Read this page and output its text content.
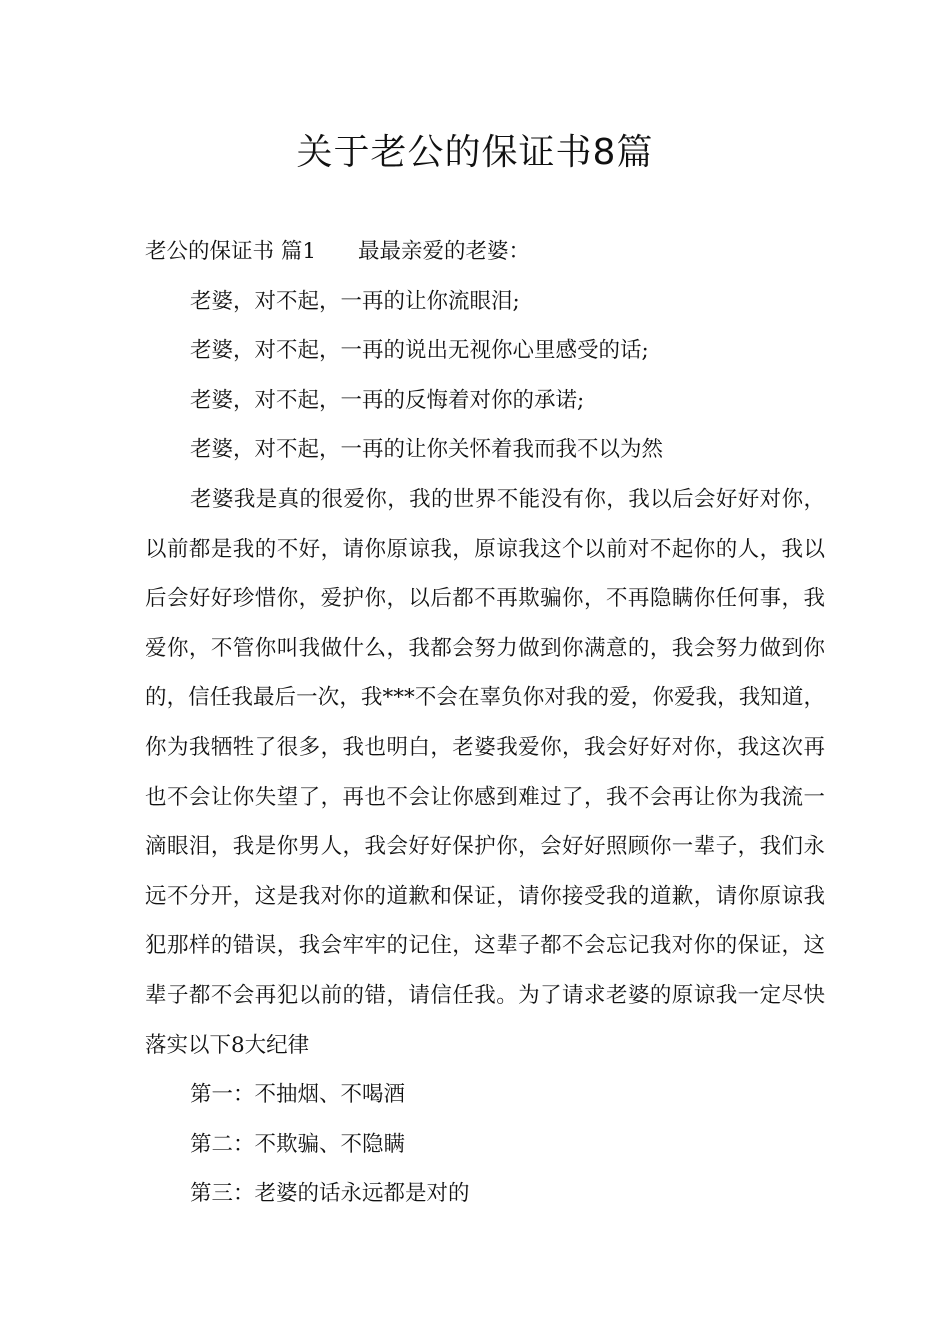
关于老公的保证书8篇

老公的保证书 篇1 最最亲爱的老婆：

老婆，对不起，一再的让你流眼泪;

老婆，对不起，一再的说出无视你心里感受的话;

老婆，对不起，一再的反悔着对你的承诺;

老婆，对不起，一再的让你关怀着我而我不以为然

老婆我是真的很爱你，我的世界不能没有你，我以后会好好对你，以前都是我的不好，请你原谅我，原谅我这个以前对不起你的人，我以后会好好珍惜你，爱护你，以后都不再欺骗你，不再隐瞒你任何事，我爱你，不管你叫我做什么，我都会努力做到你满意的，我会努力做到你的，信任我最后一次，我***不会在辜负你对我的爱，你爱我，我知道，你为我牺牲了很多，我也明白，老婆我爱你，我会好好对你，我这次再也不会让你失望了，再也不会让你感到难过了，我不会再让你为我流一滴眼泪，我是你男人，我会好好保护你，会好好照顾你一辈子，我们永远不分开，这是我对你的道歉和保证，请你接受我的道歉，请你原谅我犯那样的错误，我会牢牢的记住，这辈子都不会忘记我对你的保证，这辈子都不会再犯以前的错，请信任我。为了请求老婆的原谅我一定尽快落实以下8大纪律

第一：不抽烟、不喝酒

第二：不欺骗、不隐瞒

第三：老婆的话永远都是对的
